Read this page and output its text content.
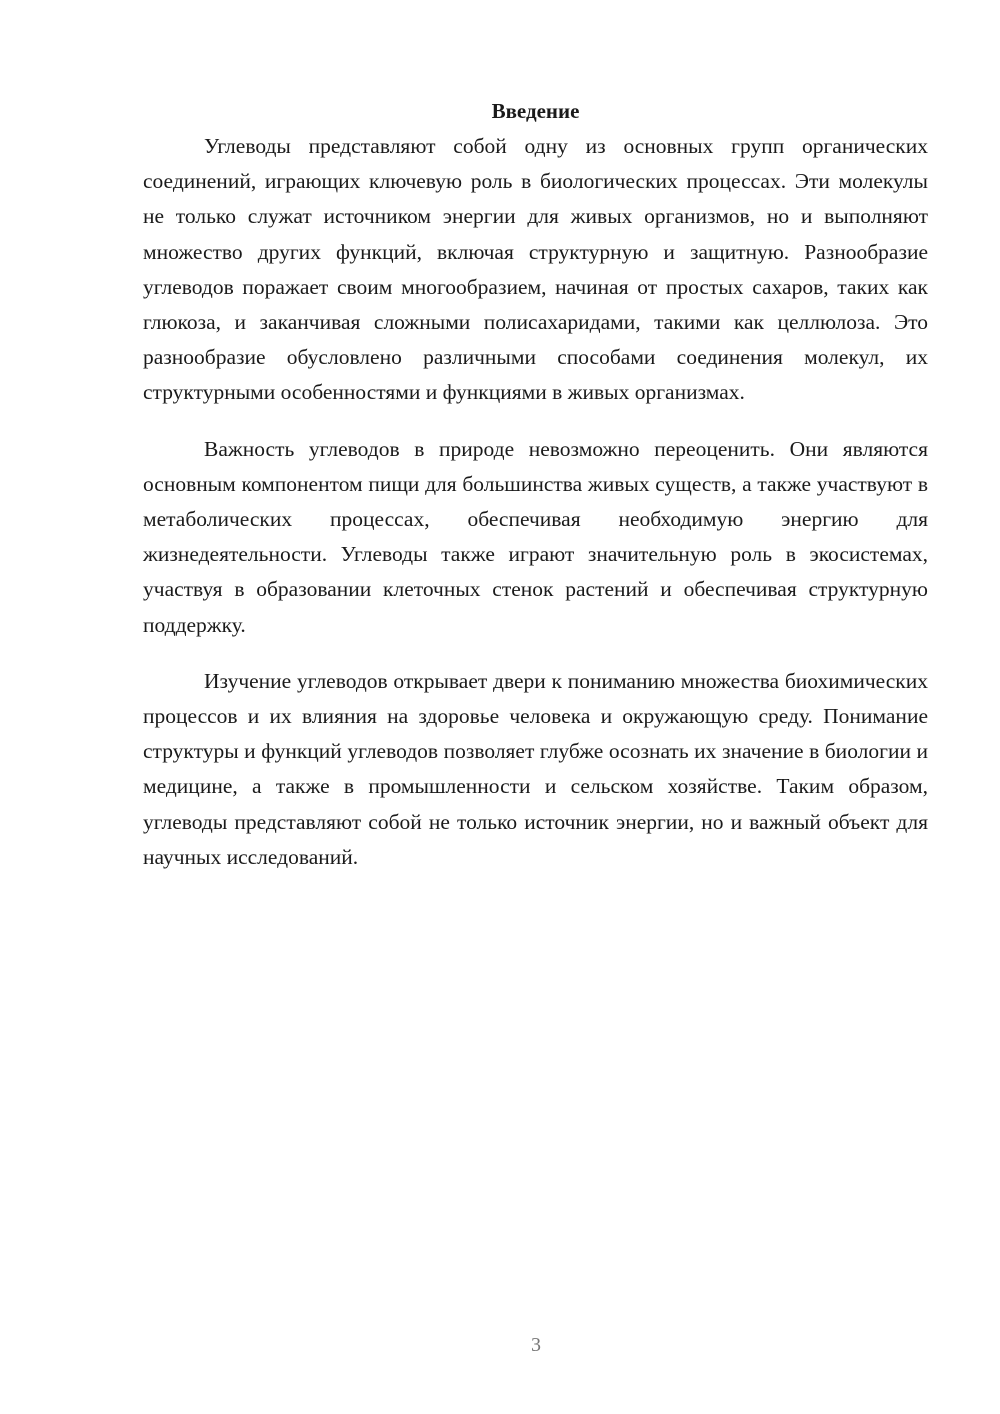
Введение

Углеводы представляют собой одну из основных групп органических соединений, играющих ключевую роль в биологических процессах. Эти молекулы не только служат источником энергии для живых организмов, но и выполняют множество других функций, включая структурную и защитную. Разнообразие углеводов поражает своим многообразием, начиная от простых сахаров, таких как глюкоза, и заканчивая сложными полисахаридами, такими как целлюлоза. Это разнообразие обусловлено различными способами соединения молекул, их структурными особенностями и функциями в живых организмах.

Важность углеводов в природе невозможно переоценить. Они являются основным компонентом пищи для большинства живых существ, а также участвуют в метаболических процессах, обеспечивая необходимую энергию для жизнедеятельности. Углеводы также играют значительную роль в экосистемах, участвуя в образовании клеточных стенок растений и обеспечивая структурную поддержку.

Изучение углеводов открывает двери к пониманию множества биохимических процессов и их влияния на здоровье человека и окружающую среду. Понимание структуры и функций углеводов позволяет глубже осознать их значение в биологии и медицине, а также в промышленности и сельском хозяйстве. Таким образом, углеводы представляют собой не только источник энергии, но и важный объект для научных исследований.

3
